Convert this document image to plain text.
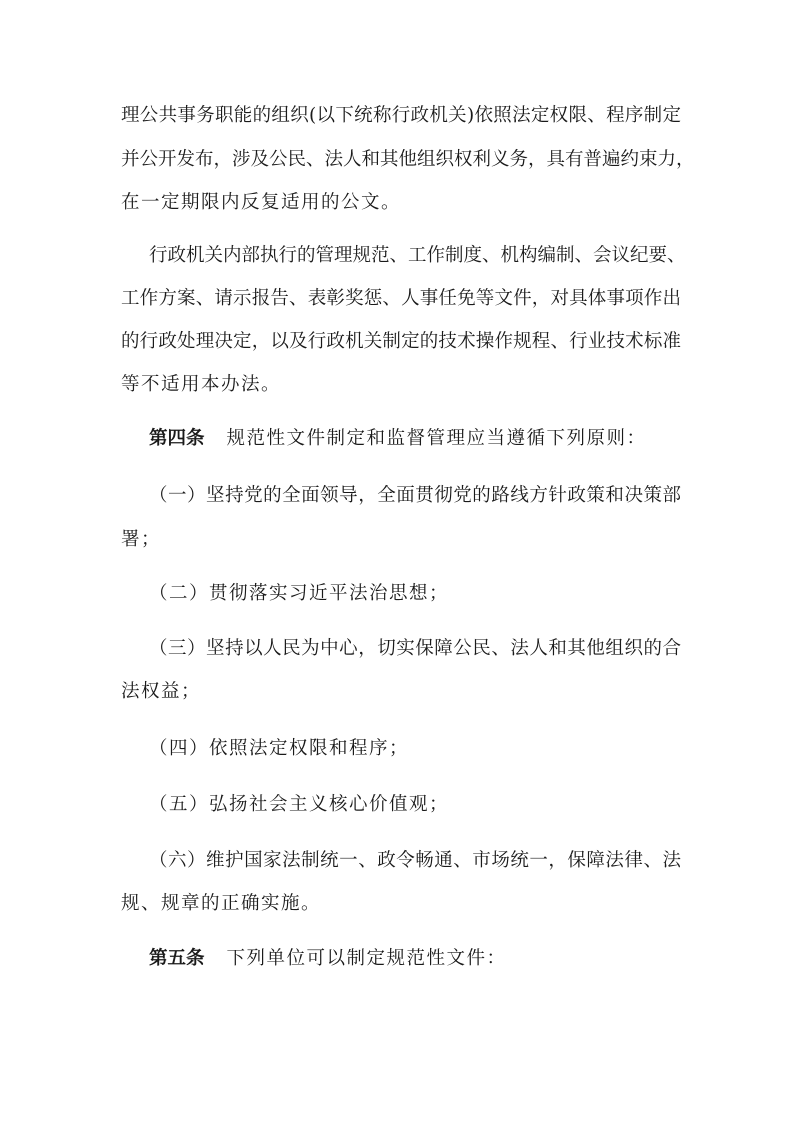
理公共事务职能的组织(以下统称行政机关)依照法定权限、程序制定
并公开发布，涉及公民、法人和其他组织权利义务，具有普遍约束力，
在一定期限内反复适用的公文。
行政机关内部执行的管理规范、工作制度、机构编制、会议纪要、
工作方案、请示报告、表彰奖惩、人事任免等文件，对具体事项作出
的行政处理决定，以及行政机关制定的技术操作规程、行业技术标准
等不适用本办法。
第四条 规范性文件制定和监督管理应当遵循下列原则：
（一）坚持党的全面领导，全面贯彻党的路线方针政策和决策部
署；
（二）贯彻落实习近平法治思想；
（三）坚持以人民为中心，切实保障公民、法人和其他组织的合
法权益；
（四）依照法定权限和程序；
（五）弘扬社会主义核心价值观；
（六）维护国家法制统一、政令畅通、市场统一，保障法律、法
规、规章的正确实施。
第五条 下列单位可以制定规范性文件：
